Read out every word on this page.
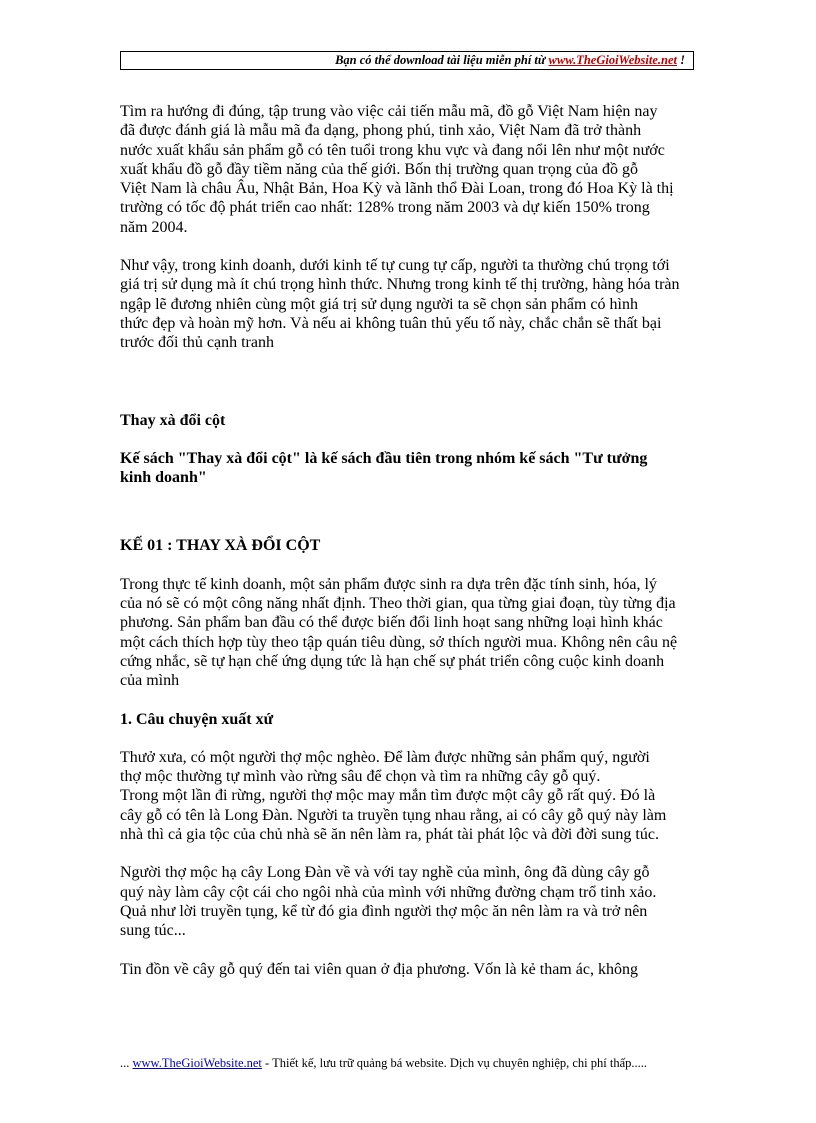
Bạn có thể download tài liệu miễn phí từ www.TheGioiWebsite.net !

Tìm ra hướng đi đúng, tập trung vào việc cải tiến mẫu mã, đồ gỗ Việt Nam hiện nay
đã được đánh giá là mẫu mã đa dạng, phong phú, tinh xảo, Việt Nam đã trở thành
nước xuất khẩu sản phẩm gỗ có tên tuổi trong khu vực và đang nổi lên như một nước
xuất khẩu đồ gỗ đầy tiềm năng của thế giới. Bốn thị trường quan trọng của đồ gỗ
Việt Nam là châu Âu, Nhật Bản, Hoa Kỳ và lãnh thổ Đài Loan, trong đó Hoa Kỳ là thị
trường có tốc độ phát triển cao nhất: 128% trong năm 2003 và dự kiến 150% trong
năm 2004.

Như vậy, trong kinh doanh, dưới kinh tế tự cung tự cấp, người ta thường chú trọng tới
giá trị sử dụng mà ít chú trọng hình thức. Nhưng trong kinh tế thị trường, hàng hóa tràn
ngập lẽ đương nhiên cùng một giá trị sử dụng người ta sẽ chọn sản phẩm có hình
thức đẹp và hoàn mỹ hơn. Và nếu ai không tuân thủ yếu tố này, chắc chắn sẽ thất bại
trước đối thủ cạnh tranh

Thay xà đổi cột

Kế sách "Thay xà đổi cột" là kế sách đầu tiên trong nhóm kế sách "Tư tưởng
kinh doanh"

KẾ 01 : THAY XÀ ĐỔI CỘT

Trong thực tế kinh doanh, một sản phẩm được sinh ra dựa trên đặc tính sinh, hóa, lý
của nó sẽ có một công năng nhất định. Theo thời gian, qua từng giai đoạn, tùy từng địa
phương. Sản phẩm ban đầu có thể được biến đổi linh hoạt sang những loại hình khác
một cách thích hợp tùy theo tập quán tiêu dùng, sở thích người mua. Không nên câu nệ
cứng nhắc, sẽ tự hạn chế ứng dụng tức là hạn chế sự phát triển công cuộc kinh doanh
của mình

1. Câu chuyện xuất xứ

Thưở xưa, có một người thợ mộc nghèo. Để làm được những sản phẩm quý, người
thợ mộc thường tự mình vào rừng sâu để chọn và tìm ra những cây gỗ quý.
Trong một lần đi rừng, người thợ mộc may mắn tìm được một cây gỗ rất quý. Đó là
cây gỗ có tên là Long Đàn. Người ta truyền tụng nhau rằng, ai có cây gỗ quý này làm
nhà thì cả gia tộc của chủ nhà sẽ ăn nên làm ra, phát tài phát lộc và đời đời sung túc.

Người thợ mộc hạ cây Long Đàn về và với tay nghề của mình, ông đã dùng cây gỗ
quý này làm cây cột cái cho ngôi nhà của mình với những đường chạm trổ tinh xảo.
Quả như lời truyền tụng, kể từ đó gia đình người thợ mộc ăn nên làm ra và trở nên
sung túc...

Tin đồn về cây gỗ quý đến tai viên quan ở địa phương. Vốn là kẻ tham ác, không

... www.TheGioiWebsite.net - Thiết kế, lưu trữ quảng bá website. Dịch vụ chuyên nghiệp, chi phí thấp.....
